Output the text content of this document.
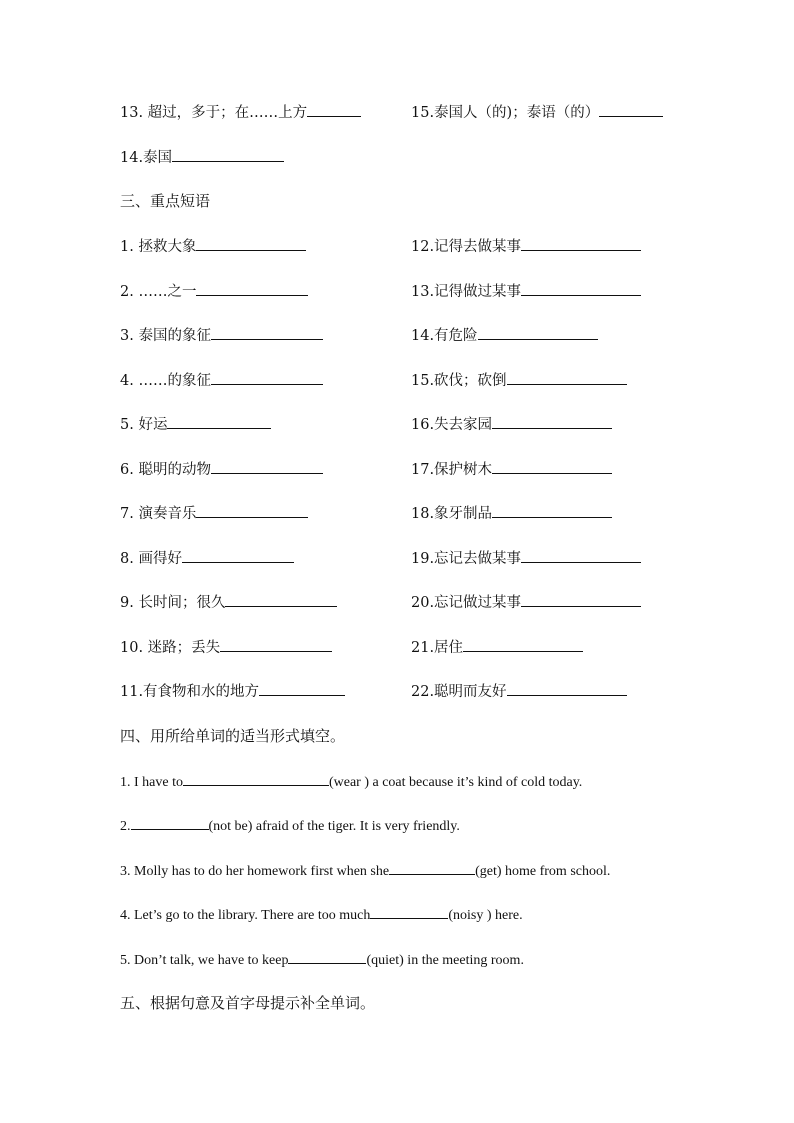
13. 超过，多于；在……上方	15.泰国人（的)；泰语（的）
14.泰国
三、重点短语
1. 拯救大象	12.记得去做某事
2. ……之一	13.记得做过某事
3. 泰国的象征	14.有危险
4. ……的象征	15.砍伐；砍倒
5. 好运	16.失去家园
6. 聪明的动物	17.保护树木
7. 演奏音乐	18.象牙制品
8. 画得好	19.忘记去做某事
9. 长时间；很久	20.忘记做过某事
10. 迷路；丢失	21.居住
11.有食物和水的地方	22.聪明而友好
四、用所给单词的适当形式填空。
1. I have to	(wear ) a coat because it’s kind of cold today.
2.	(not be) afraid of the tiger. It is very friendly.
3. Molly has to do her homework first when she	(get) home from school.
4. Let’s go to the library. There are too much	(noisy ) here.
5. Don’t talk, we have to keep	(quiet) in the meeting room.
五、根据句意及首字母提示补全单词。
